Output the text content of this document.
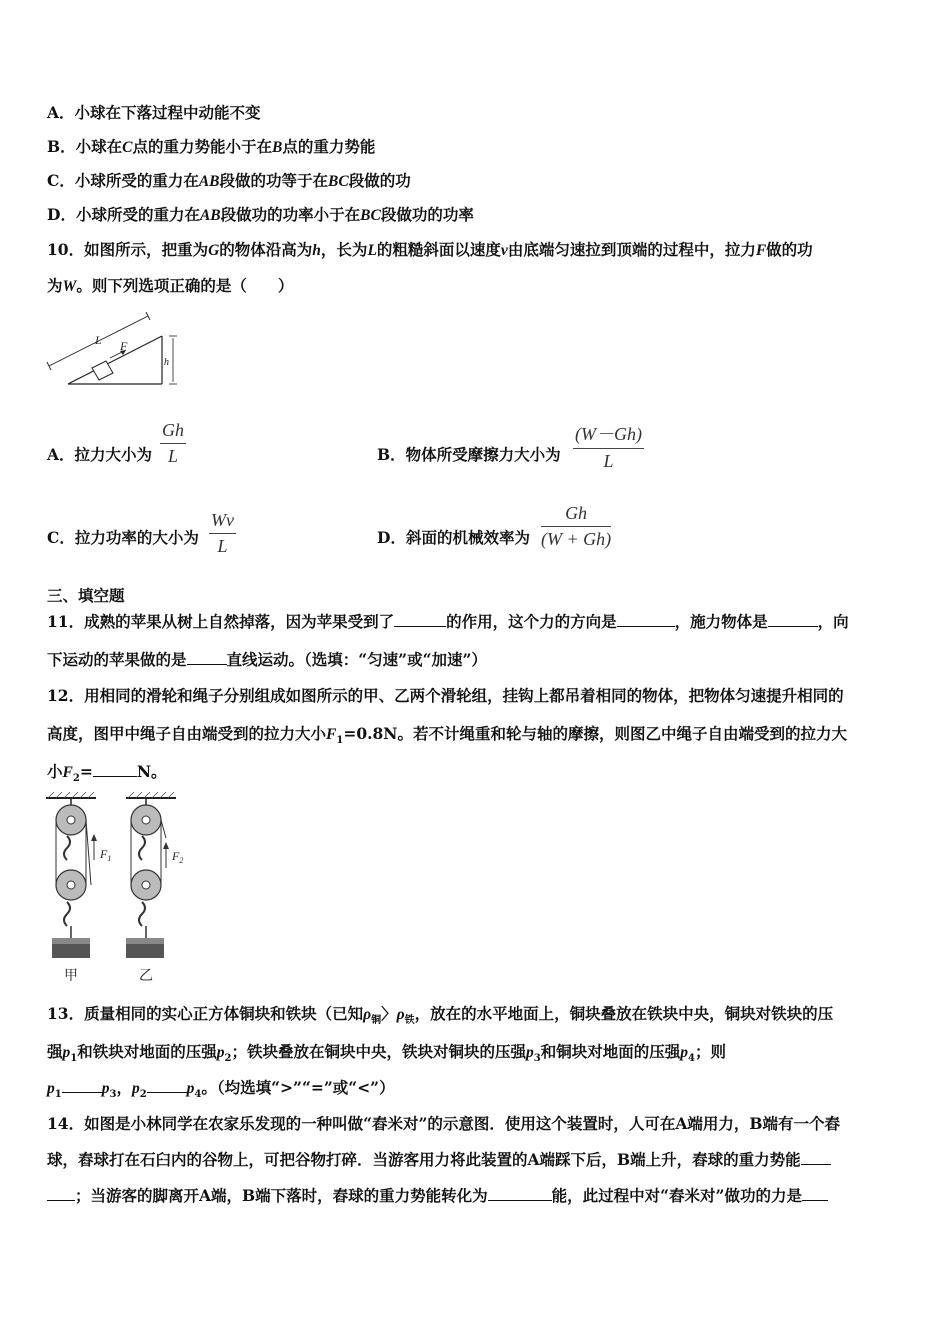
A．小球在下落过程中动能不变
B．小球在C点的重力势能小于在B点的重力势能
C．小球所受的重力在AB段做的功等于在BC段做的功
D．小球所受的重力在AB段做功的功率小于在BC段做功的功率
10．如图所示，把重为G的物体沿高为h，长为L的粗糙斜面以速度v由底端匀速拉到顶端的过程中，拉力F做的功
为W。则下列选项正确的是（　　）
L F
h
A．拉力大小为
Gh
L	B．物体所受摩擦力大小为
(W－Gh)
L
C．拉力功率的大小为
Wv
L	D．斜面的机械效率为
Gh
(W + Gh)
三、填空题
11．成熟的苹果从树上自然掉落，因为苹果受到了	的作用，这个力的方向是	，施力物体是	，向
下运动的苹果做的是	直线运动。（选填：“匀速”或“加速”）
12．用相同的滑轮和绳子分别组成如图所示的甲、乙两个滑轮组，挂钩上都吊着相同的物体，把物体匀速提升相同的
高度，图甲中绳子自由端受到的拉力大小$F_1=0.8N$。若不计绳重和轮与轴的摩擦，则图乙中绳子自由端受到的拉力大
小$F_2=$	N。
$F_1$
甲
$F_2$
乙
13．质量相同的实心正方体铜块和铁块（已知$\rho_铜$〉$\rho_铁$，放在的水平地面上，铜块叠放在铁块中央，铜块对铁块的压
强$p_1$和铁块对地面的压强$p_2$；铁块叠放在铜块中央，铁块对铜块的压强$p_3$和铜块对地面的压强$p_4$；则
$p_1$	$p_3$，$p_2$	$p_4$。（均选填“>”“=”或“<”）
14．如图是小林同学在农家乐发现的一种叫做“舂米对”的示意图．使用这个装置时，人可在A端用力，B端有一个舂
球，舂球打在石臼内的谷物上，可把谷物打碎．当游客用力将此装置的A端踩下后，B端上升，舂球的重力势能
；当游客的脚离开A端，B端下落时，舂球的重力势能转化为	能，此过程中对“舂米对”做功的力是
